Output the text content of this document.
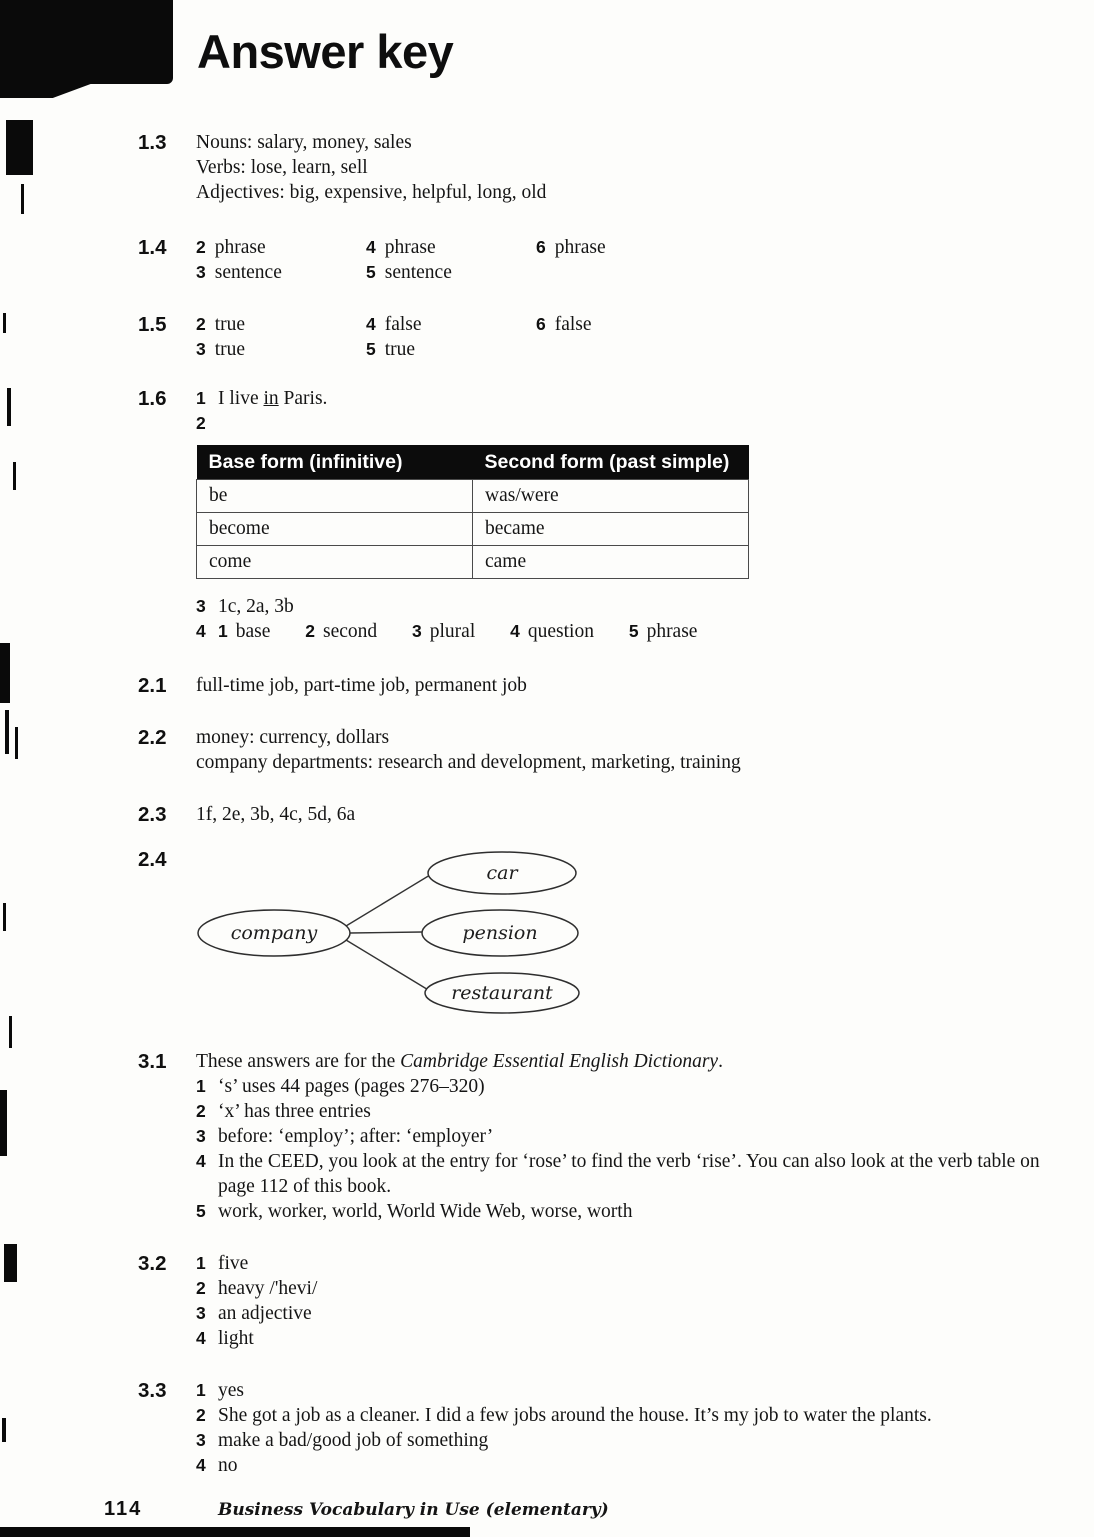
Answer key
1.3	Nouns: salary, money, sales
Verbs: lose, learn, sell
Adjectives: big, expensive, helpful, long, old
1.4	2 phrase	4 phrase	6 phrase
3 sentence	5 sentence
1.5	2 true	4 false	6 false
3 true	5 true
1.6	1 I live in Paris.
2
Base form (infinitive)	Second form (past simple)
be	was/were
become	became
come	came
3 1c, 2a, 3b
4 1 base 2 second 3 plural 4 question 5 phrase
2.1	full-time job, part-time job, permanent job
2.2	money: currency, dollars
company departments: research and development, marketing, training
2.3	1f, 2e, 3b, 4c, 5d, 6a
2.4
company
car
pension
restaurant
3.1	These answers are for the Cambridge Essential English Dictionary.
1 ‘s’ uses 44 pages (pages 276–320)
2 ‘x’ has three entries
3 before: ‘employ’; after: ‘employer’
4 In the CEED, you look at the entry for ‘rose’ to find the verb ‘rise’. You can also look at the verb table on page 112 of this book.
5 work, worker, world, World Wide Web, worse, worth
3.2	1 five
2 heavy /'hevi/
3 an adjective
4 light
3.3	1 yes
2 She got a job as a cleaner. I did a few jobs around the house. It’s my job to water the plants.
3 make a bad/good job of something
4 no
114	Business Vocabulary in Use (elementary)
